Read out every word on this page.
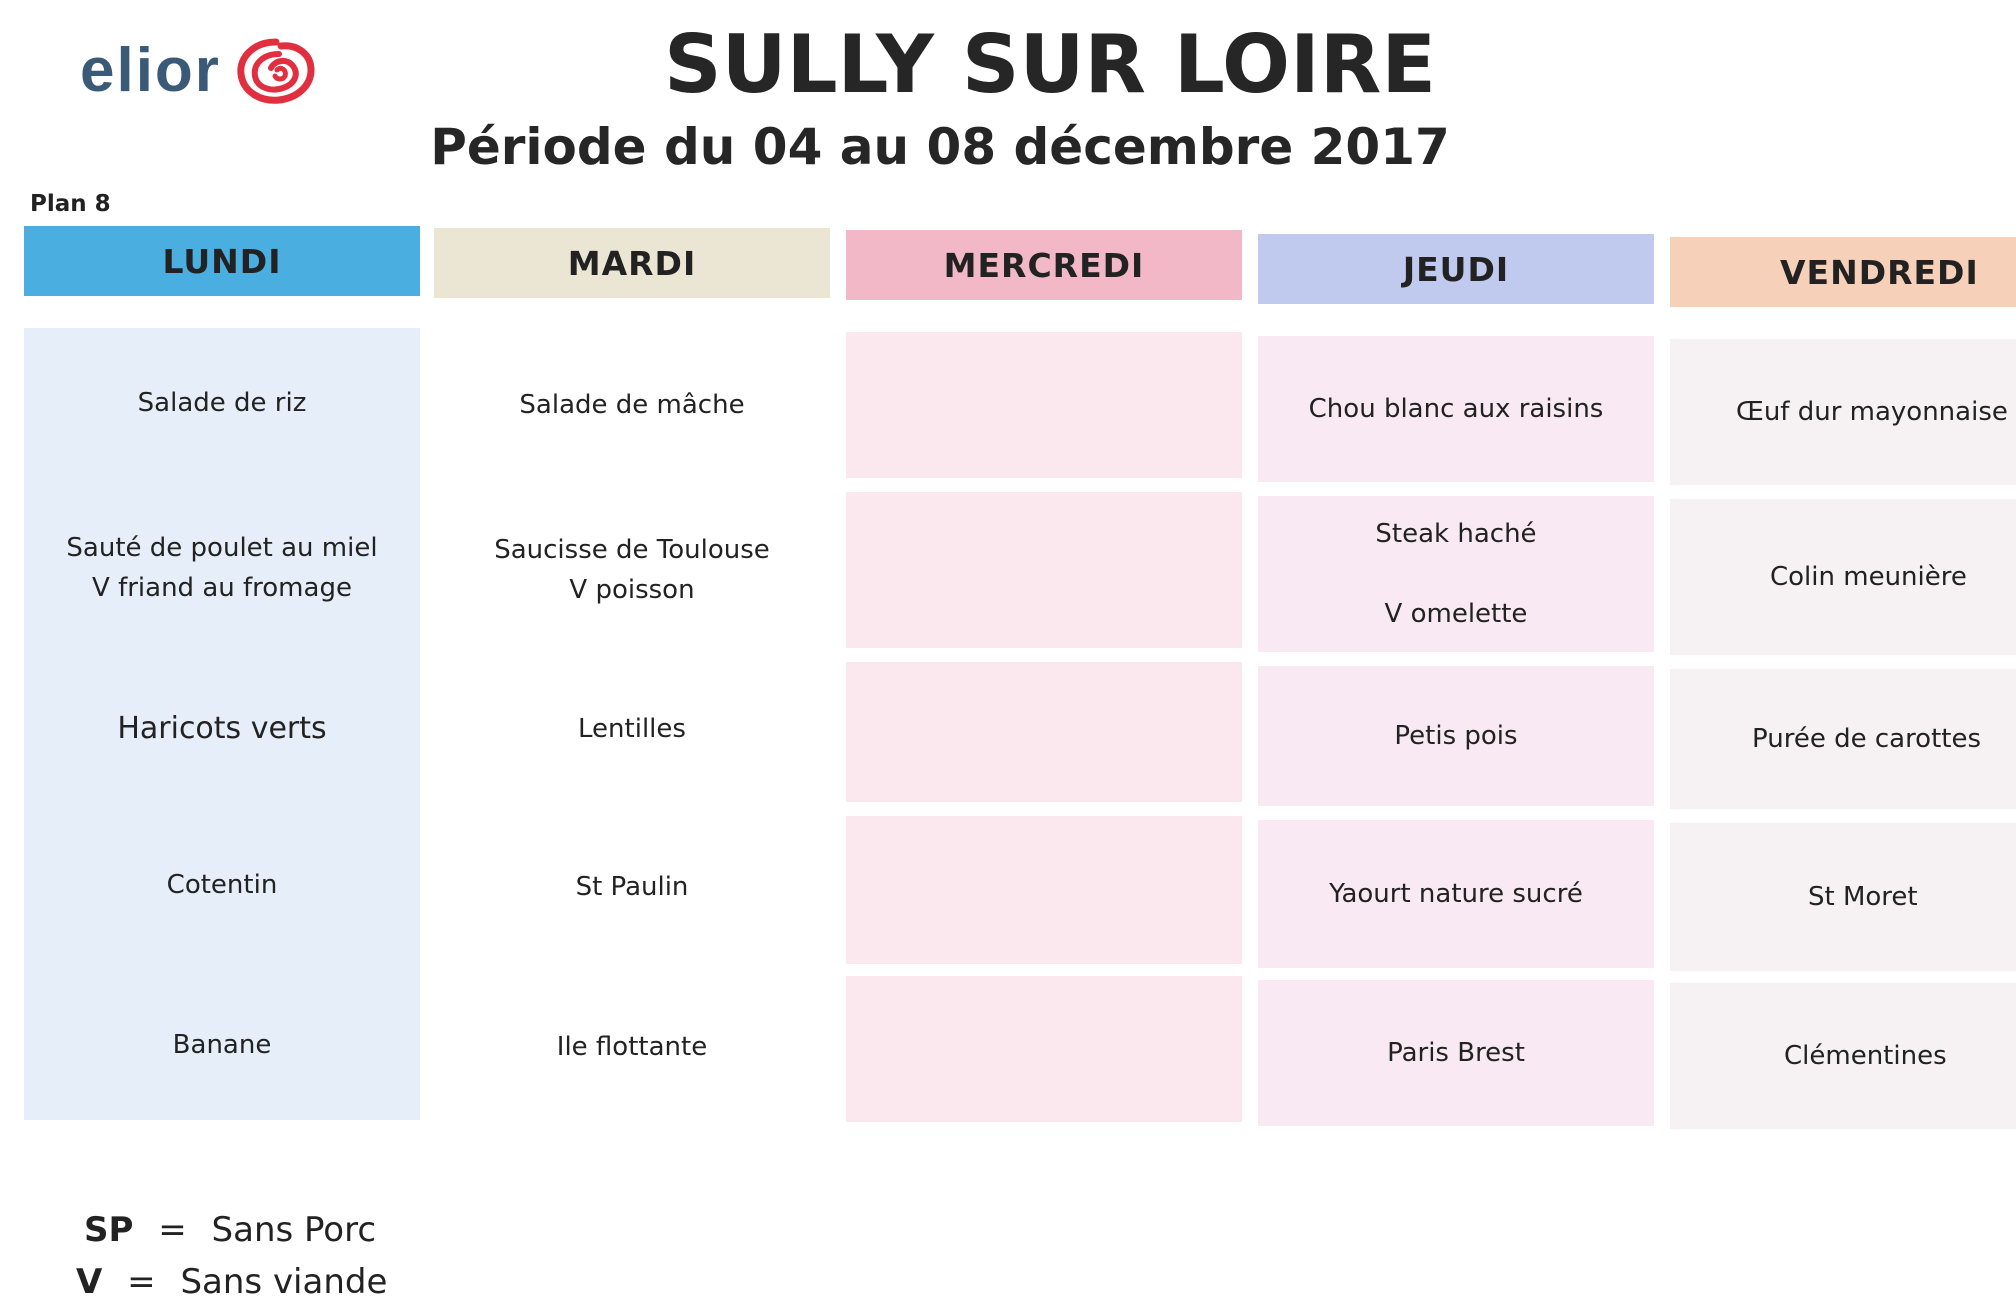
elior	SULLY SUR LOIRE
Période du 04 au 08 décembre 2017
Plan 8
LUNDI
Salade de riz
Sauté de poulet au miel
V friand au fromage
Haricots verts
Cotentin
Banane
MARDI
Salade de mâche
Saucisse de Toulouse
V poisson
Lentilles
St Paulin
Ile flottante
MERCREDI	JEUDI
Chou blanc aux raisins
Steak haché
V omelette
Petis pois
Yaourt nature sucré
Paris Brest
VENDREDI
Œuf dur mayonnaise
Colin meunière
Purée de carottes
St Moret
Clémentines
SP = Sans Porc
V = Sans viande
